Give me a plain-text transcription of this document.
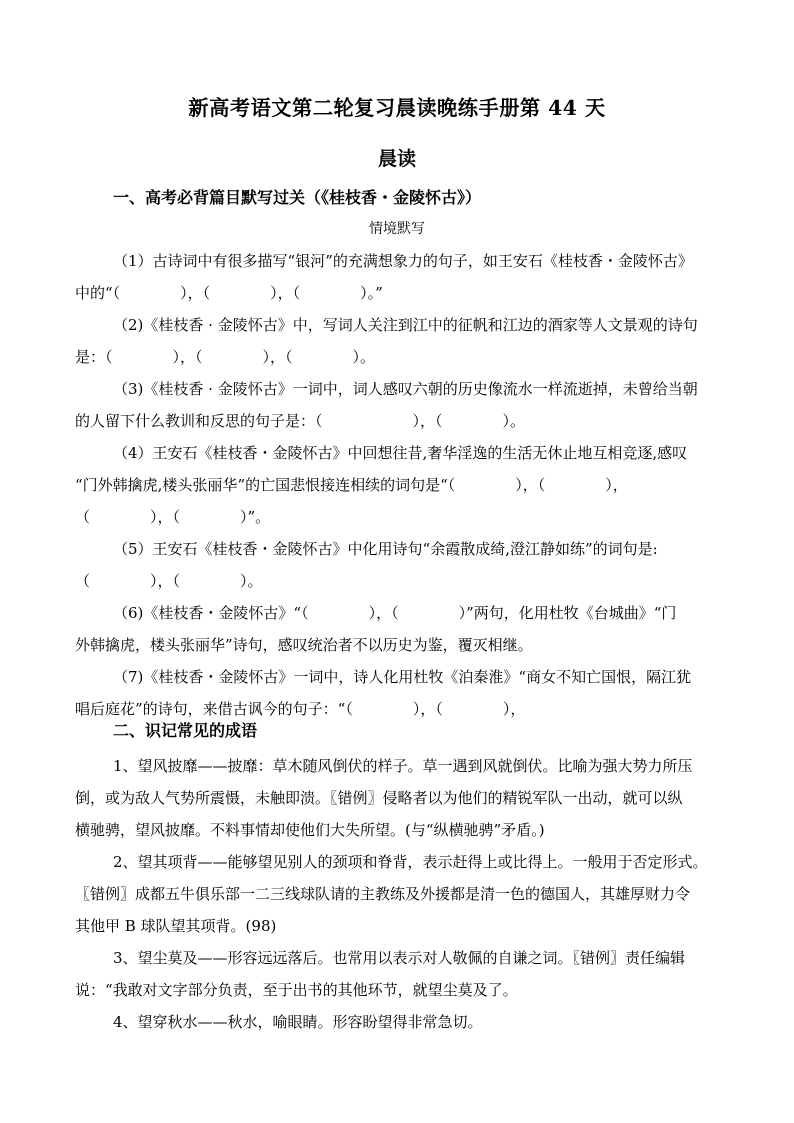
新高考语文第二轮复习晨读晚练手册第 44 天
晨读
一、高考必背篇目默写过关（《桂枝香・金陵怀古》）
情境默写
（1）古诗词中有很多描写“银河”的充满想象力的句子，如王安石《桂枝香・金陵怀古》
中的“（　　　　），（　　　　），（　　　　）。”
（2)《桂枝香 · 金陵怀古》中，写词人关注到江中的征帆和江边的酒家等人文景观的诗句
是：（　　　　），（　　　　），（　　　　）。
（3)《桂枝香 · 金陵怀古》一词中，词人感叹六朝的历史像流水一样流逝掉，未曾给当朝
的人留下什么教训和反思的句子是：（　　　　　　），（　　　　）。
（4）王安石《桂枝香・金陵怀古》中回想往昔,奢华淫逸的生活无休止地互相竞逐,感叹
“门外韩擒虎,楼头张丽华”的亡国悲恨接连相续的词句是“（　　　　），（　　　　），
（　　　　），（　　　　）”。
（5）王安石《桂枝香・金陵怀古》中化用诗句“余霞散成绮,澄江静如练”的词句是:
（　　　　），（　　　　）。
（6)《桂枝香・金陵怀古》“（　　　　），（　　　　）”两句，化用杜牧《台城曲》“门
外韩擒虎，楼头张丽华”诗句，感叹统治者不以历史为鉴，覆灭相继。
（7)《桂枝香・金陵怀古》一词中，诗人化用杜牧《泊秦淮》“商女不知亡国恨，隔江犹
唱后庭花”的诗句，来借古讽今的句子：“（　　　　），（　　　　），
二、识记常见的成语
1、望风披靡——披靡：草木随风倒伏的样子。草一遇到风就倒伏。比喻为强大势力所压
倒，或为敌人气势所震慑，未触即溃。〖错例〗侵略者以为他们的精锐军队一出动，就可以纵
横驰骋，望风披靡。不料事情却使他们大失所望。(与“纵横驰骋”矛盾。)
2、望其项背——能够望见别人的颈项和脊背，表示赶得上或比得上。一般用于否定形式。
〖错例〗成都五牛俱乐部一二三线球队请的主教练及外援都是清一色的德国人，其雄厚财力令
其他甲 B 球队望其项背。(98)
3、望尘莫及——形容远远落后。也常用以表示对人敬佩的自谦之词。〖错例〗责任编辑
说：“我敢对文字部分负责，至于出书的其他环节，就望尘莫及了。
4、望穿秋水——秋水，喻眼睛。形容盼望得非常急切。
